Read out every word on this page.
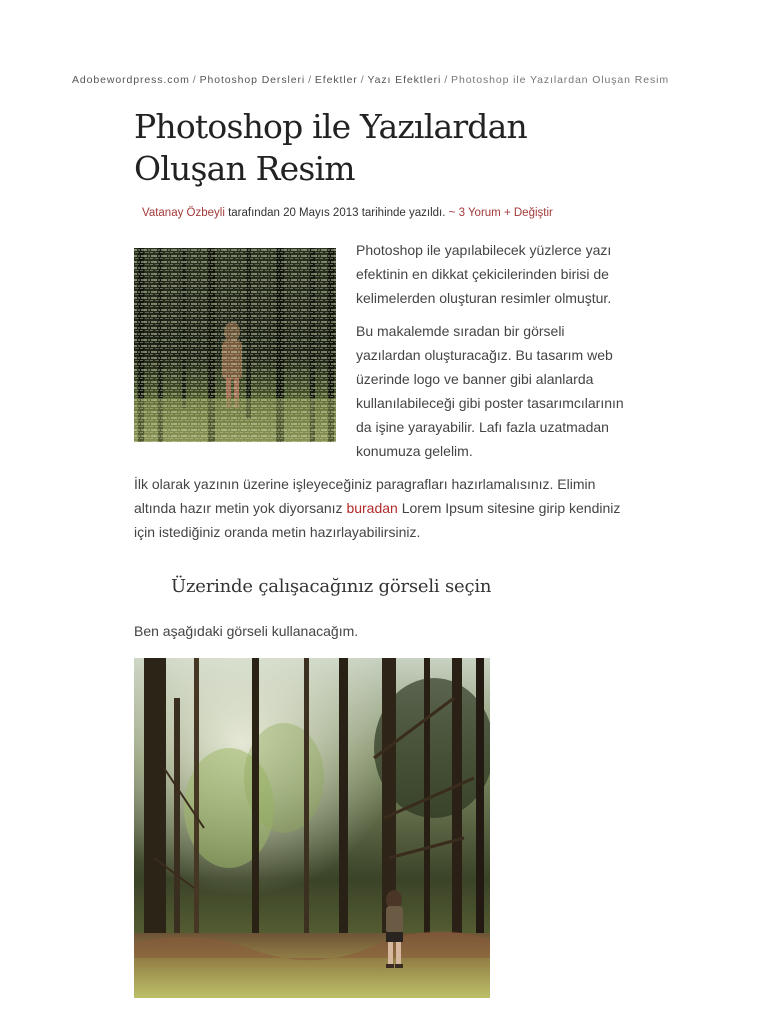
Adobewordpress.com / Photoshop Dersleri / Efektler / Yazı Efektleri / Photoshop ile Yazılardan Oluşan Resim
Photoshop ile Yazılardan
Oluşan Resim
Vatanay Özbeyli tarafından 20 Mayıs 2013 tarihinde yazıldı. ~ 3 Yorum + Değiştir

Photoshop ile yapılabilecek yüzlerce yazı efektinin en dikkat çekicilerinden birisi de kelimelerden oluşturan resimler olmuştur.

Bu makalemde sıradan bir görseli yazılardan oluşturacağız. Bu tasarım web üzerinde logo ve banner gibi alanlarda kullanılabileceği gibi poster tasarımcılarının da işine yarayabilir. Lafı fazla uzatmadan konumuza gelelim.

İlk olarak yazının üzerine işleyeceğiniz paragrafları hazırlamalısınız. Elimin altında hazır metin yok diyorsanız buradan Lorem Ipsum sitesine girip kendiniz için istediğiniz oranda metin hazırlayabilirsiniz.

Üzerinde çalışacağınız görseli seçin

Ben aşağıdaki görseli kullanacağım.
